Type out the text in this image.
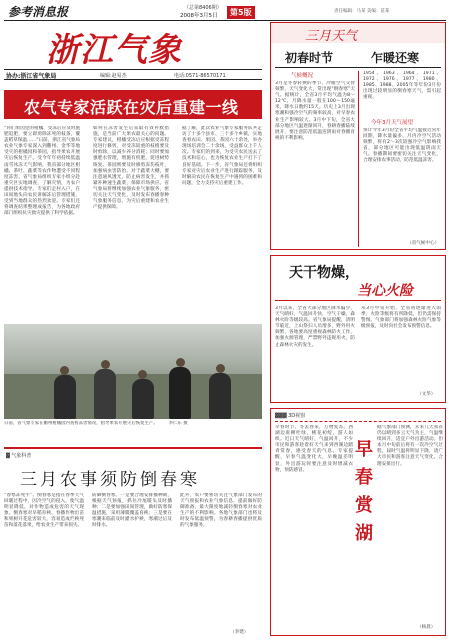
参考消息报	（总第8406期）
2008年3月5日	第5版	责任编辑：马某 美编：苗某
浙江气象
协办:浙江省气象局	编辑:赵易杰	电话:0571-86570171
农气专家活跃在灾后重建一线
“你们果园里的柑橘，受冻后应及时施肥追肥，要立即剪除冻死的枝条，覆盖稻草保温……”日前，浙江省气象局农业气象专家深入到衢州、金华等地受灾的柑橘园和茶园，指导果农开展灾后恢复生产。受今年年初持续低温雨雪冰冻天气影响，我省部分地区柑橘、茶叶、蔬菜等农作物遭受不同程度冻害。省气象局组织专家小组分赴重灾区实地调查，了解灾情，为农户提供技术指导。专家们走村入户，在田间地头向农民讲解冻后管理措施，受到当地群众的热烈欢迎。专家们还将调查结果整理成报告，为各地政府部门组织抗灾救灾提供了科学依据。
如何在冻害发生后采取有效补救措施，是当前广大果农最关心的问题。专家建议，柑橘受冻后应根据受冻程度进行修剪，对受冻较重的枝梢要及时剪除，以减少养分消耗；同时要加强肥水管理，增施有机肥，促进树势恢复。茶园则要及时修剪冻伤枝叶，加强病虫害防治。对于蔬菜大棚，要注意通风透光，防止病害发生，并抓紧补种速生蔬菜，保障市场供应。省气象局将继续加强农业气象服务，密切关注天气变化，及时发布春播春种气象服务信息，为灾后重建和农业生产提供保障。
据了解，此次农业气象专家服务队共走访了十多个县市、三十多个乡镇，实地查看农田、果园、茶园六十余处，举办现场培训会二十余场，受益群众上千人次。专家们的到来，为受灾农民送去了技术和信心，也为恢复农业生产打下了良好基础。下一步，省气象局还将组织专家对灾后农业生产进行跟踪服务，及时解决农民在恢复生产中遇到的困难和问题，全力支持灾后重建工作。
日前，省气象专家在衢州柑橘园内查看冻害情况，指导果农开展灾后恢复生产。　　　李仁东 摄
▓ 气象科普
三月农事须防倒春寒
“春寒冻死牛”。倒春寒是指在春季天气回暖过程中，因冷空气的侵入，使气温明显降低，对作物造成危害的天气现象。倒春寒对早稻育秧、春播作物出苗和果树开花危害较大，容易造成烂秧死苗和落花落果，给农业生产带来损失。
防御倒春寒，一是要合理安排播种期，根据天气预报，抓住冷尾暖头及时播种；二是要加强田间管理，做好防寒保温措施，采用薄膜覆盖育秧；三是要在寒潮来临前及时灌水护秧，寒潮过后及时排水。
此外，农户要密切关注气象部门发布的天气预报和农业气象信息，提前做好防御准备，最大限度地减轻倒春寒对农业生产的不利影响。各地气象部门也将及时发布低温预警，为春耕春播提供优质的气象服务。
（李建）
三月天气
初春时节	乍暖还寒
气候概况
3月是冬春转换的季节，冷暖空气交替频繁，天气变化大，常出现“倒春寒”天气。据统计，全省3月平均气温为8～12℃，月降水量一般在100～150毫米，降水日数约15天。历史上3月出现寒潮和强冷空气的频率较高，对早春农业生产影响较大。3月中下旬，全省大部分地区气温逐渐回升，春耕春播陆续展开，要注意防范低温连阴雨对春播育秧的不利影响。
1954、1963、1964、1971、1972、1976、1977、1980、1985、1988、2005年等年份3月份出现过较明显的倒春寒天气，需引起重视。
今年3月天气展望
预计今年3月份全省平均气温接近常年同期，降水量偏多。月内冷空气活动频繁，将有2～3次较强冷空气影响我省，部分地区可能出现低温阴雨天气。春播期间要密切关注天气变化，合理安排农事活动，防范低温冻害。
（省气候中心）
天干物燥，
当心火险
3月以来，全省大部分地区降水偏少，天气晴好，气温回升快，空气干燥，森林火险等级较高。省气象局提醒，清明节临近，上山祭扫人员增多，野外用火频繁，各地要高度重视森林防火工作，加强火源管理，严禁野外违规用火，防止森林火灾的发生。
从3月中旬开始，全省将逐渐进入雨季，火险等级将有所降低，但仍需保持警惕。气象部门将加强森林火险气象等级预报，及时向社会发布预警信息。
（文华）
▓▓▓ 3D视窗
早春时节，冬去春来，万物复苏。西湖边垂柳吐绿，桃花初绽，游人如织。近日天气晴好，气温回升，不少市民和游客趁着好天气来到西湖边踏青赏春，感受春天的气息。专家提醒，早春气温变化大，早晚温差明显，外出游玩时要注意及时增减衣物，预防感冒。	早春赏湖
据气象部门预测，未来几天我省仍以晴到多云天气为主，气温继续回升，适宜户外出游活动。但本月中旬前后将有一次冷空气过程，届时气温将明显下降，请广大市民和游客注意天气变化，合理安排出行。
（杨晨）
